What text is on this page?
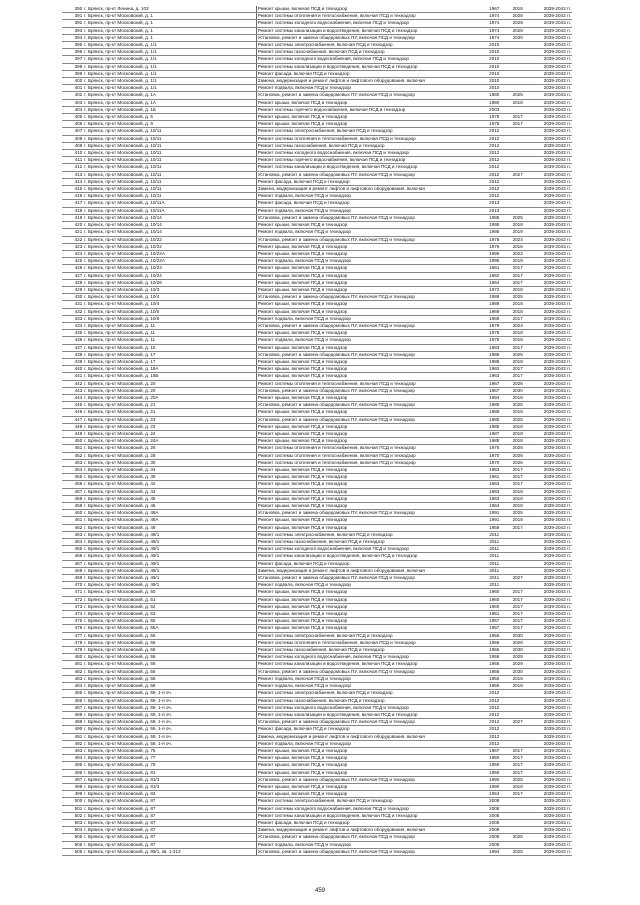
390	г. Брянск, пр-кт Ленина, д. 103	Ремонт крыши, включая ПСД и технадзор	1967	2018	2039-2043 гг.
391	г. Брянск, пр-кт Московский, д. 1	Ремонт системы отопления и теплоснабжения, включая ПСД и технадзор	1974	2026	2039-2043 гг.
392	г. Брянск, пр-кт Московский, д. 1	Ремонт системы холодного водоснабжения, включая ПСД и технадзор	1974	2029	2039-2043 гг.
393	г. Брянск, пр-кт Московский, д. 1	Ремонт системы канализации и водоотведения, включая ПСД и технадзор	1974	2029	2039-2043 гг.
394	г. Брянск, пр-кт Московский, д. 1	Установка, ремонт и замена общедомовых ПУ, включая ПСД и технадзор	1974	2030	2039-2043 гг.
395	г. Брянск, пр-кт Московский, д. 1/1	Ремонт системы электроснабжения, включая ПСД и технадзор	2010		2039-2043 гг.
396	г. Брянск, пр-кт Московский, д. 1/1	Ремонт системы газоснабжения, включая ПСД и технадзор	2010		2039-2043 гг.
397	г. Брянск, пр-кт Московский, д. 1/1	Ремонт системы холодного водоснабжения, включая ПСД и технадзор	2010		2039-2043 гг.
398	г. Брянск, пр-кт Московский, д. 1/1	Ремонт системы канализации и водоотведения, включая ПСД и технадзор	2010		2039-2043 гг.
399	г. Брянск, пр-кт Московский, д. 1/1	Ремонт фасада, включая ПСД и технадзор	2010		2039-2043 гг.
400	г. Брянск, пр-кт Московский, д. 1/1	Замена, модернизация и ремонт лифтов и лифтового оборудования, включая	2010		2039-2043 гг.
401	г. Брянск, пр-кт Московский, д. 1/1	Ремонт подвала, включая ПСД и технадзор	2010		2039-2043 гг.
402	г. Брянск, пр-кт Московский, д. 1А	Установка, ремонт и замена общедомовых ПУ, включая ПСД и технадзор	1980	2025	2039-2043 гг.
403	г. Брянск, пр-кт Московский, д. 1А	Ремонт крыши, включая ПСД и технадзор	1980	2018	2039-2043 гг.
404	г. Брянск, пр-кт Московский, д. 1Б	Ремонт системы горячего водоснабжения, включая ПСД и технадзор	2003		2039-2043 гг.
405	г. Брянск, пр-кт Московский, д. 5	Ремонт крыши, включая ПСД и технадзор	1976	2017	2039-2043 гг.
406	г. Брянск, пр-кт Московский, д. 9	Ремонт крыши, включая ПСД и технадзор	1976	2017	2039-2043 гг.
407	г. Брянск, пр-кт Московский, д. 10/11	Ремонт системы электроснабжения, включая ПСД и технадзор	2012		2039-2043 гг.
408	г. Брянск, пр-кт Московский, д. 10/11	Ремонт системы отопления и теплоснабжения, включая ПСД и технадзор	2012		2039-2043 гг.
409	г. Брянск, пр-кт Московский, д. 10/11	Ремонт системы газоснабжения, включая ПСД и технадзор	2012		2039-2043 гг.
410	г. Брянск, пр-кт Московский, д. 10/11	Ремонт системы холодного водоснабжения, включая ПСД и технадзор	2012		2039-2043 гг.
411	г. Брянск, пр-кт Московский, д. 10/11	Ремонт системы горячего водоснабжения, включая ПСД и технадзор	2012		2039-2043 гг.
412	г. Брянск, пр-кт Московский, д. 10/11	Ремонт системы канализации и водоотведения, включая ПСД и технадзор	2012		2039-2043 гг.
413	г. Брянск, пр-кт Московский, д. 10/11	Установка, ремонт и замена общедомовых ПУ, включая ПСД и технадзор	2012	2027	2039-2043 гг.
414	г. Брянск, пр-кт Московский, д. 10/11	Ремонт фасада, включая ПСД и технадзор	2012		2039-2043 гг.
415	г. Брянск, пр-кт Московский, д. 10/11	Замена, модернизация и ремонт лифтов и лифтового оборудования, включая	2012		2039-2043 гг.
416	г. Брянск, пр-кт Московский, д. 10/11	Ремонт подвала, включая ПСД и технадзор	2012		2039-2043 гг.
417	г. Брянск, пр-кт Московский, д. 10/11А	Ремонт фасада, включая ПСД и технадзор	2013		2039-2043 гг.
418	г. Брянск, пр-кт Московский, д. 10/11А	Ремонт подвала, включая ПСД и технадзор	2013		2039-2043 гг.
419	г. Брянск, пр-кт Московский, д. 10/14	Установка, ремонт и замена общедомовых ПУ, включая ПСД и технадзор	1995	2025	2039-2043 гг.
420	г. Брянск, пр-кт Московский, д. 10/14	Ремонт крыши, включая ПСД и технадзор	1995	2018	2039-2043 гг.
421	г. Брянск, пр-кт Московский, д. 10/14	Ремонт подвала, включая ПСД и технадзор	1995	2019	2039-2043 гг.
422	г. Брянск, пр-кт Московский, д. 10/22	Установка, ремонт и замена общедомовых ПУ, включая ПСД и технадзор	1976	2024	2039-2043 гг.
423	г. Брянск, пр-кт Московский, д. 10/22	Ремонт крыши, включая ПСД и технадзор	1976	2016	2039-2043 гг.
424	г. Брянск, пр-кт Московский, д. 10/22А	Ремонт крыши, включая ПСД и технадзор	1995	2022	2039-2043 гг.
425	г. Брянск, пр-кт Московский, д. 10/22А	Ремонт подвала, включая ПСД и технадзор	1995	2019	2039-2043 гг.
426	г. Брянск, пр-кт Московский, д. 10/23	Ремонт крыши, включая ПСД и технадзор	1961	2017	2039-2043 гг.
427	г. Брянск, пр-кт Московский, д. 10/24	Ремонт крыши, включая ПСД и технадзор	1962	2017	2039-2043 гг.
428	г. Брянск, пр-кт Московский, д. 10/26	Ремонт крыши, включая ПСД и технадзор	1964	2017	2039-2043 гг.
429	г. Брянск, пр-кт Московский, д. 10/3	Ремонт крыши, включая ПСД и технадзор	1972	2018	2039-2043 гг.
430	г. Брянск, пр-кт Московский, д. 10/4	Установка, ремонт и замена общедомовых ПУ, включая ПСД и технадзор	1989	2025	2039-2043 гг.
431	г. Брянск, пр-кт Московский, д. 10/4	Ремонт крыши, включая ПСД и технадзор	1989	2018	2039-2043 гг.
432	г. Брянск, пр-кт Московский, д. 10/5	Ремонт крыши, включая ПСД и технадзор	1969	2018	2039-2043 гг.
433	г. Брянск, пр-кт Московский, д. 10/6	Ремонт подвала, включая ПСД и технадзор	1969	2017	2039-2043 гг.
434	г. Брянск, пр-кт Московский, д. 11	Установка, ремонт и замена общедомовых ПУ, включая ПСД и технадзор	1978	2024	2039-2043 гг.
435	г. Брянск, пр-кт Московский, д. 11	Ремонт крыши, включая ПСД и технадзор	1978	2018	2039-2043 гг.
436	г. Брянск, пр-кт Московский, д. 11	Ремонт подвала, включая ПСД и технадзор	1978	2018	2039-2043 гг.
437	г. Брянск, пр-кт Московский, д. 15	Ремонт крыши, включая ПСД и технадзор	1983	2017	2039-2043 гг.
438	г. Брянск, пр-кт Московский, д. 17	Установка, ремонт и замена общедомовых ПУ, включая ПСД и технадзор	1988	2025	2039-2043 гг.
439	г. Брянск, пр-кт Московский, д. 17	Ремонт крыши, включая ПСД и технадзор	1988	2018	2039-2043 гг.
440	г. Брянск, пр-кт Московский, д. 18А	Ремонт крыши, включая ПСД и технадзор	1962	2017	2039-2043 гг.
441	г. Брянск, пр-кт Московский, д. 18Б	Ремонт крыши, включая ПСД и технадзор	1963	2017	2039-2043 гг.
442	г. Брянск, пр-кт Московский, д. 20	Ремонт системы отопления и теплоснабжения, включая ПСД и технадзор	1967	2026	2039-2043 гг.
443	г. Брянск, пр-кт Московский, д. 20	Установка, ремонт и замена общедомовых ПУ, включая ПСД и технадзор	1967	2030	2039-2043 гг.
444	г. Брянск, пр-кт Московский, д. 20А	Ремонт крыши, включая ПСД и технадзор	1994	2018	2039-2043 гг.
445	г. Брянск, пр-кт Московский, д. 21	Установка, ремонт и замена общедомовых ПУ, включая ПСД и технадзор	1989	2025	2039-2043 гг.
446	г. Брянск, пр-кт Московский, д. 21	Ремонт крыши, включая ПСД и технадзор	1989	2018	2039-2043 гг.
447	г. Брянск, пр-кт Московский, д. 23	Установка, ремонт и замена общедомовых ПУ, включая ПСД и технадзор	1985	2025	2039-2043 гг.
448	г. Брянск, пр-кт Московский, д. 23	Ремонт крыши, включая ПСД и технадзор	1985	2018	2039-2043 гг.
449	г. Брянск, пр-кт Московский, д. 24	Ремонт крыши, включая ПСД и технадзор	1987	2018	2039-2043 гг.
450	г. Брянск, пр-кт Московский, д. 24А	Ремонт крыши, включая ПСД и технадзор	1985	2018	2039-2043 гг.
451	г. Брянск, пр-кт Московский, д. 26	Ремонт системы отопления и теплоснабжения, включая ПСД и технадзор	1976	2026	2039-2043 гг.
452	г. Брянск, пр-кт Московский, д. 28	Ремонт системы отопления и теплоснабжения, включая ПСД и технадзор	1970	2026	2039-2043 гг.
453	г. Брянск, пр-кт Московский, д. 30	Ремонт системы отопления и теплоснабжения, включая ПСД и технадзор	1970	2026	2039-2043 гг.
454	г. Брянск, пр-кт Московский, д. 34	Ремонт крыши, включая ПСД и технадзор	1963	2017	2039-2043 гг.
455	г. Брянск, пр-кт Московский, д. 36	Ремонт крыши, включая ПСД и технадзор	1961	2017	2039-2043 гг.
456	г. Брянск, пр-кт Московский, д. 42	Ремонт крыши, включая ПСД и технадзор	1963	2017	2039-2043 гг.
457	г. Брянск, пр-кт Московский, д. 44	Ремонт крыши, включая ПСД и технадзор	1963	2018	2039-2043 гг.
458	г. Брянск, пр-кт Московский, д. 45	Ремонт крыши, включая ПСД и технадзор	1963	2018	2039-2043 гг.
459	г. Брянск, пр-кт Московский, д. 46	Ремонт крыши, включая ПСД и технадзор	1964	2018	2039-2043 гг.
460	г. Брянск, пр-кт Московский, д. 48А	Установка, ремонт и замена общедомовых ПУ, включая ПСД и технадзор	1991	2025	2039-2043 гг.
461	г. Брянск, пр-кт Московский, д. 48А	Ремонт крыши, включая ПСД и технадзор	1991	2018	2039-2043 гг.
462	г. Брянск, пр-кт Московский, д. 49	Ремонт крыши, включая ПСД и технадзор	1959	2017	2039-2043 гг.
463	г. Брянск, пр-кт Московский, д. 49/1	Ремонт системы электроснабжения, включая ПСД и технадзор	2011		2039-2043 гг.
464	г. Брянск, пр-кт Московский, д. 49/1	Ремонт системы газоснабжения, включая ПСД и технадзор	2011		2039-2043 гг.
465	г. Брянск, пр-кт Московский, д. 49/1	Ремонт системы холодного водоснабжения, включая ПСД и технадзор	2011		2039-2043 гг.
466	г. Брянск, пр-кт Московский, д. 49/1	Ремонт системы канализации и водоотведения, включая ПСД и технадзор	2011		2039-2043 гг.
467	г. Брянск, пр-кт Московский, д. 49/1	Ремонт фасада, включая ПСД и технадзор	2011		2039-2043 гг.
468	г. Брянск, пр-кт Московский, д. 49/1	Замена, модернизация и ремонт лифтов и лифтового оборудования, включая	2011		2039-2043 гг.
469	г. Брянск, пр-кт Московский, д. 49/1	Установка, ремонт и замена общедомовых ПУ, включая ПСД и технадзор	2011	2027	2039-2043 гг.
470	г. Брянск, пр-кт Московский, д. 49/1	Ремонт подвала, включая ПСД и технадзор	2011		2039-2043 гг.
471	г. Брянск, пр-кт Московский, д. 50	Ремонт крыши, включая ПСД и технадзор	1960	2017	2039-2043 гг.
472	г. Брянск, пр-кт Московский, д. 51	Ремонт крыши, включая ПСД и технадзор	1960	2017	2039-2043 гг.
473	г. Брянск, пр-кт Московский, д. 52	Ремонт крыши, включая ПСД и технадзор	1960	2017	2039-2043 гг.
474	г. Брянск, пр-кт Московский, д. 53	Ремонт крыши, включая ПСД и технадзор	1961	2017	2039-2043 гг.
475	г. Брянск, пр-кт Московский, д. 55	Ремонт крыши, включая ПСД и технадзор	1957	2017	2039-2043 гг.
476	г. Брянск, пр-кт Московский, д. 55А	Ремонт крыши, включая ПСД и технадзор	1957	2017	2039-2043 гг.
477	г. Брянск, пр-кт Московский, д. 56	Ремонт системы электроснабжения, включая ПСД и технадзор	1956	2030	2039-2043 гг.
478	г. Брянск, пр-кт Московский, д. 56	Ремонт системы отопления и теплоснабжения, включая ПСД и технадзор	1956	2026	2039-2043 гг.
479	г. Брянск, пр-кт Московский, д. 56	Ремонт системы газоснабжения, включая ПСД и технадзор	1956	2030	2039-2043 гг.
480	г. Брянск, пр-кт Московский, д. 56	Ремонт системы холодного водоснабжения, включая ПСД и технадзор	1956	2029	2039-2043 гг.
481	г. Брянск, пр-кт Московский, д. 56	Ремонт системы канализации и водоотведения, включая ПСД и технадзор	1956	2029	2039-2043 гг.
482	г. Брянск, пр-кт Московский, д. 56	Установка, ремонт и замена общедомовых ПУ, включая ПСД и технадзор	1956	2030	2039-2043 гг.
483	г. Брянск, пр-кт Московский, д. 56	Ремонт подвала, включая ПСД и технадзор	1956	2018	2039-2043 гг.
484	г. Брянск, пр-кт Московский, д. 58	Ремонт подвала, включая ПСД и технадзор	1955	2018	2039-2043 гг.
485	г. Брянск, пр-кт Московский, д. 59, 1-я оч.	Ремонт системы электроснабжения, включая ПСД и технадзор	2012		2039-2043 гг.
486	г. Брянск, пр-кт Московский, д. 59, 1-я оч.	Ремонт системы газоснабжения, включая ПСД и технадзор	2012		2039-2043 гг.
487	г. Брянск, пр-кт Московский, д. 59, 1-я оч.	Ремонт системы холодного водоснабжения, включая ПСД и технадзор	2012		2039-2043 гг.
488	г. Брянск, пр-кт Московский, д. 59, 1-я оч.	Ремонт системы канализации и водоотведения, включая ПСД и технадзор	2012		2039-2043 гг.
489	г. Брянск, пр-кт Московский, д. 59, 1-я оч.	Установка, ремонт и замена общедомовых ПУ, включая ПСД и технадзор	2012	2027	2039-2043 гг.
490	г. Брянск, пр-кт Московский, д. 59, 1-я оч.	Ремонт фасада, включая ПСД и технадзор	2012		2039-2043 гг.
491	г. Брянск, пр-кт Московский, д. 59, 1-я оч.	Замена, модернизация и ремонт лифтов и лифтового оборудования, включая	2012		2039-2043 гг.
492	г. Брянск, пр-кт Московский, д. 59, 1-я оч.	Ремонт подвала, включая ПСД и технадзор	2012		2039-2043 гг.
493	г. Брянск, пр-кт Московский, д. 75	Ремонт крыши, включая ПСД и технадзор	1967	2017	2039-2043 гг.
494	г. Брянск, пр-кт Московский, д. 77	Ремонт крыши, включая ПСД и технадзор	1960	2017	2039-2043 гг.
495	г. Брянск, пр-кт Московский, д. 79	Ремонт крыши, включая ПСД и технадзор	1959	2017	2039-2043 гг.
496	г. Брянск, пр-кт Московский, д. 81	Ремонт крыши, включая ПСД и технадзор	1958	2017	2039-2043 гг.
497	г. Брянск, пр-кт Московский, д. 81/3	Установка, ремонт и замена общедомовых ПУ, включая ПСД и технадзор	1990	2025	2039-2043 гг.
498	г. Брянск, пр-кт Московский, д. 81/3	Ремонт крыши, включая ПСД и технадзор	1990	2018	2039-2043 гг.
499	г. Брянск, пр-кт Московский, д. 83	Ремонт крыши, включая ПСД и технадзор	1954	2017	2039-2043 гг.
500	г. Брянск, пр-кт Московский, д. 87	Ремонт системы электроснабжения, включая ПСД и технадзор	2008		2039-2043 гг.
501	г. Брянск, пр-кт Московский, д. 87	Ремонт системы холодного водоснабжения, включая ПСД и технадзор	2008		2039-2043 гг.
502	г. Брянск, пр-кт Московский, д. 87	Ремонт системы канализации и водоотведения, включая ПСД и технадзор	2008		2039-2043 гг.
503	г. Брянск, пр-кт Московский, д. 87	Ремонт фасада, включая ПСД и технадзор	2008		2039-2043 гг.
504	г. Брянск, пр-кт Московский, д. 87	Замена, модернизация и ремонт лифтов и лифтового оборудования, включая	2008		2039-2043 гг.
505	г. Брянск, пр-кт Московский, д. 87	Установка, ремонт и замена общедомовых ПУ, включая ПСД и технадзор	2008	2025	2039-2043 гг.
506	г. Брянск, пр-кт Московский, д. 87	Ремонт подвала, включая ПСД и технадзор	2008		2039-2043 гг.
508	г. Брянск, пр-кт Московский, д. 89/1, кв. 1-313	Установка, ремонт и замена общедомовых ПУ, включая ПСД и технадзор	1994	2025	2039-2043 гг.
459
